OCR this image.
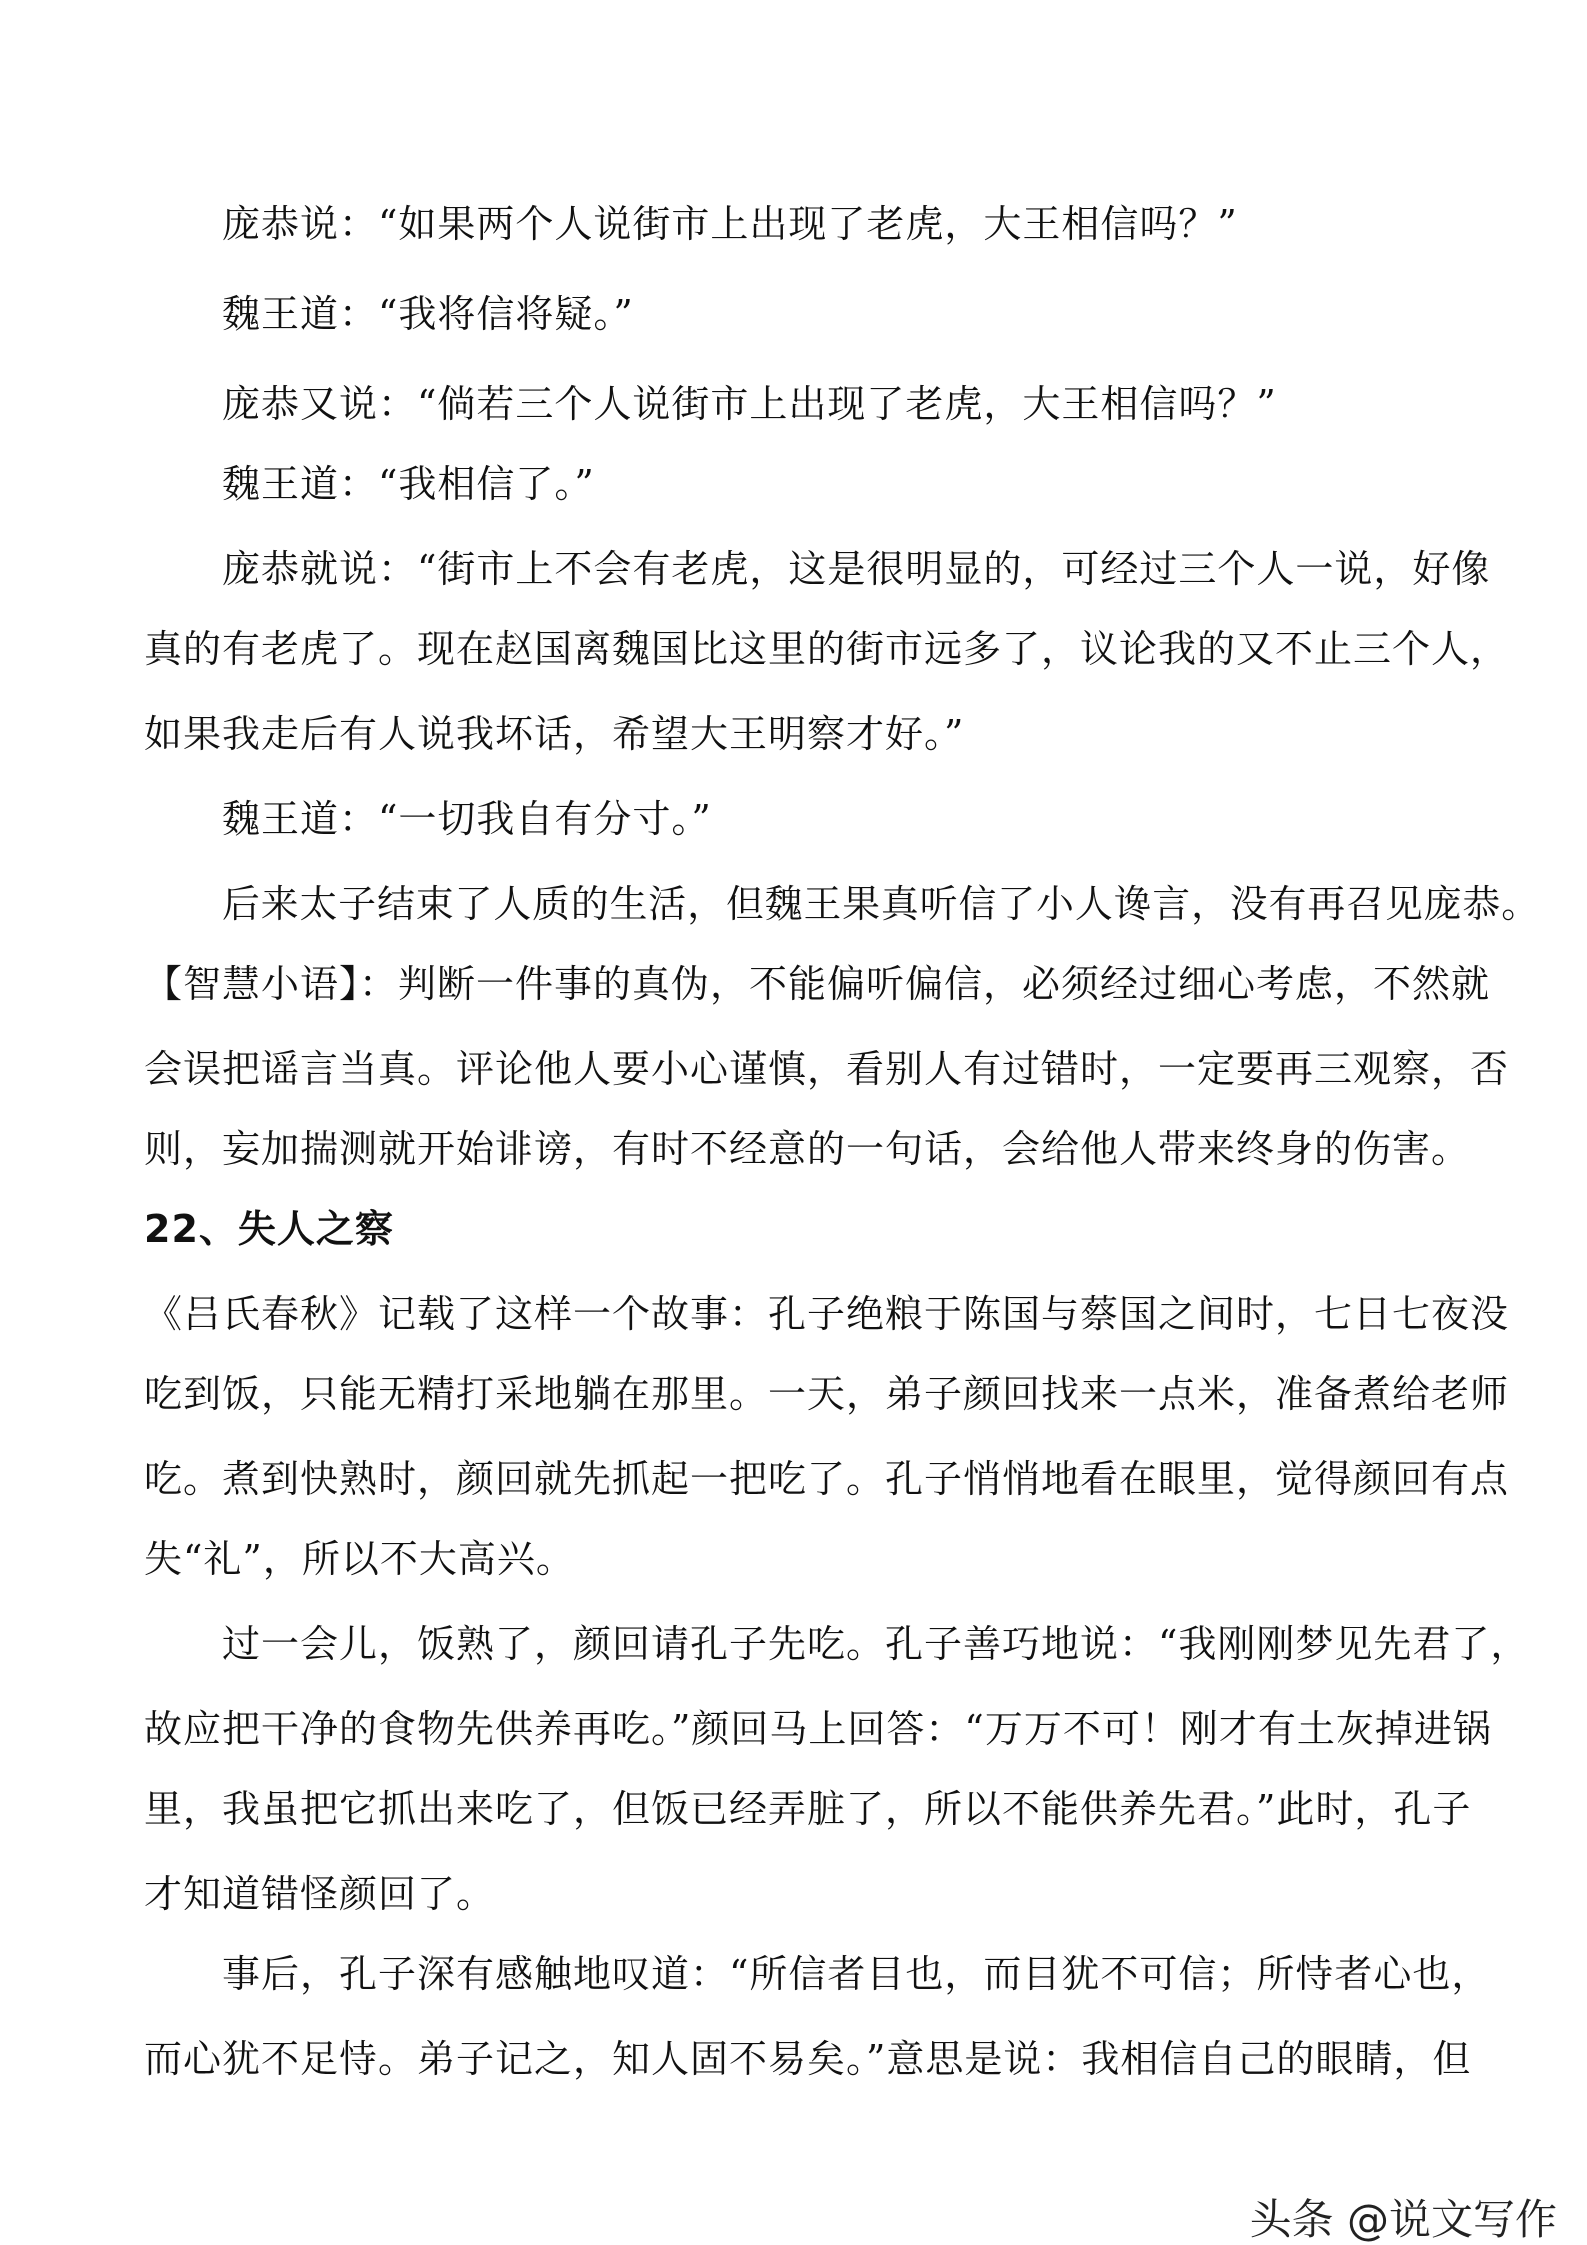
庞恭说：“如果两个人说街市上出现了老虎，大王相信吗？”
魏王道：“我将信将疑。”
庞恭又说：“倘若三个人说街市上出现了老虎，大王相信吗？”
魏王道：“我相信了。”
庞恭就说：“街市上不会有老虎，这是很明显的，可经过三个人一说，好像
真的有老虎了。现在赵国离魏国比这里的街市远多了，议论我的又不止三个人，
如果我走后有人说我坏话，希望大王明察才好。”
魏王道：“一切我自有分寸。”
后来太子结束了人质的生活，但魏王果真听信了小人谗言，没有再召见庞恭。
【智慧小语】：判断一件事的真伪，不能偏听偏信，必须经过细心考虑，不然就
会误把谣言当真。评论他人要小心谨慎，看别人有过错时，一定要再三观察，否
则，妄加揣测就开始诽谤，有时不经意的一句话，会给他人带来终身的伤害。
22、失人之察
《吕氏春秋》记载了这样一个故事：孔子绝粮于陈国与蔡国之间时，七日七夜没
吃到饭，只能无精打采地躺在那里。一天，弟子颜回找来一点米，准备煮给老师
吃。煮到快熟时，颜回就先抓起一把吃了。孔子悄悄地看在眼里，觉得颜回有点
失“礼”，所以不大高兴。
过一会儿，饭熟了，颜回请孔子先吃。孔子善巧地说：“我刚刚梦见先君了，
故应把干净的食物先供养再吃。”颜回马上回答：“万万不可！刚才有土灰掉进锅
里，我虽把它抓出来吃了，但饭已经弄脏了，所以不能供养先君。”此时，孔子
才知道错怪颜回了。
事后，孔子深有感触地叹道：“所信者目也，而目犹不可信；所恃者心也，
而心犹不足恃。弟子记之，知人固不易矣。”意思是说：我相信自己的眼睛，但
头条 @说文写作
